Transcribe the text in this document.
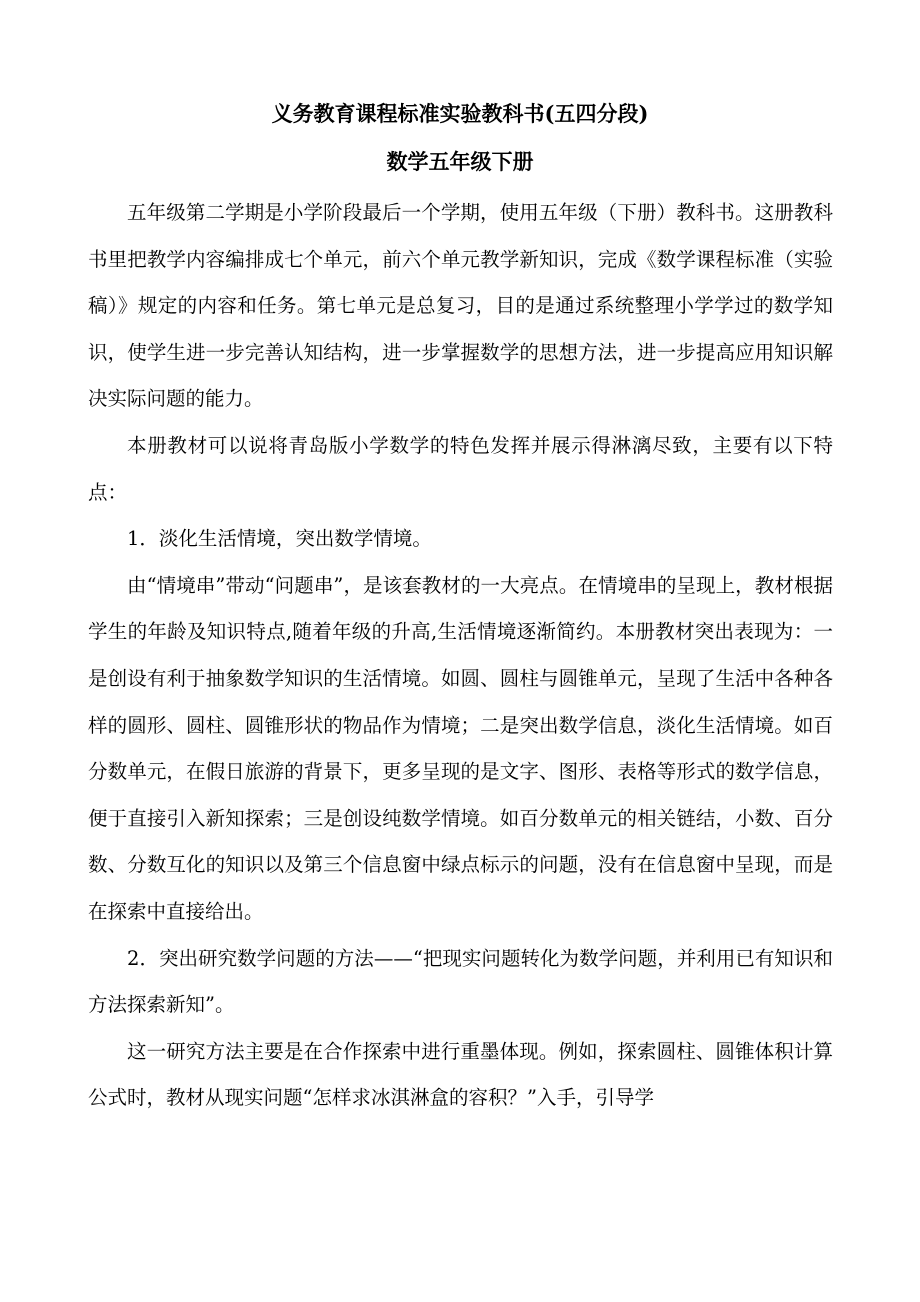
义务教育课程标准实验教科书(五四分段)
数学五年级下册

五年级第二学期是小学阶段最后一个学期，使用五年级（下册）教科书。这册教科书里把教学内容编排成七个单元，前六个单元教学新知识，完成《数学课程标准（实验稿）》规定的内容和任务。第七单元是总复习，目的是通过系统整理小学学过的数学知识，使学生进一步完善认知结构，进一步掌握数学的思想方法，进一步提高应用知识解决实际问题的能力。

本册教材可以说将青岛版小学数学的特色发挥并展示得淋漓尽致，主要有以下特点：

1．淡化生活情境，突出数学情境。

由“情境串”带动“问题串”，是该套教材的一大亮点。在情境串的呈现上，教材根据学生的年龄及知识特点,随着年级的升高,生活情境逐渐简约。本册教材突出表现为：一是创设有利于抽象数学知识的生活情境。如圆、圆柱与圆锥单元，呈现了生活中各种各样的圆形、圆柱、圆锥形状的物品作为情境；二是突出数学信息，淡化生活情境。如百分数单元，在假日旅游的背景下，更多呈现的是文字、图形、表格等形式的数学信息，便于直接引入新知探索；三是创设纯数学情境。如百分数单元的相关链结，小数、百分数、分数互化的知识以及第三个信息窗中绿点标示的问题，没有在信息窗中呈现，而是在探索中直接给出。

2．突出研究数学问题的方法——“把现实问题转化为数学问题，并利用已有知识和方法探索新知”。

这一研究方法主要是在合作探索中进行重墨体现。例如，探索圆柱、圆锥体积计算公式时，教材从现实问题“怎样求冰淇淋盒的容积？”入手，引导学
